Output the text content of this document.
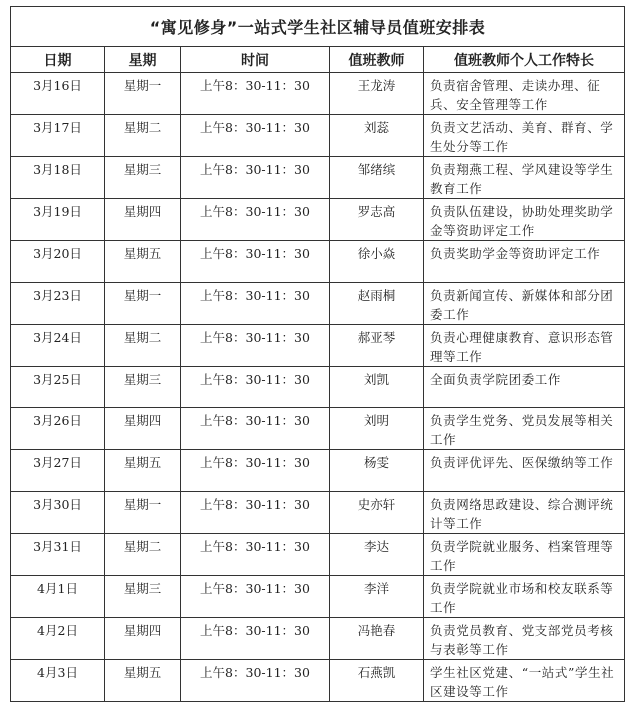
“寓见修身”一站式学生社区辅导员值班安排表				
日期	星期	时间	值班教师	值班教师个人工作特长
3月16日	星期一	上午8：30-11：30	王龙涛	负责宿舍管理、走读办理、征兵、安全管理等工作
3月17日	星期二	上午8：30-11：30	刘蕊	负责文艺活动、美育、群育、学生处分等工作
3月18日	星期三	上午8：30-11：30	邹绪缤	负责翔燕工程、学风建设等学生教育工作
3月19日	星期四	上午8：30-11：30	罗志高	负责队伍建设，协助处理奖助学金等资助评定工作
3月20日	星期五	上午8：30-11：30	徐小焱	负责奖助学金等资助评定工作
3月23日	星期一	上午8：30-11：30	赵雨桐	负责新闻宣传、新媒体和部分团委工作
3月24日	星期二	上午8：30-11：30	郝亚琴	负责心理健康教育、意识形态管理等工作
3月25日	星期三	上午8：30-11：30	刘凯	全面负责学院团委工作
3月26日	星期四	上午8：30-11：30	刘明	负责学生党务、党员发展等相关工作
3月27日	星期五	上午8：30-11：30	杨雯	负责评优评先、医保缴纳等工作
3月30日	星期一	上午8：30-11：30	史亦轩	负责网络思政建设、综合测评统计等工作
3月31日	星期二	上午8：30-11：30	李达	负责学院就业服务、档案管理等工作
4月1日	星期三	上午8：30-11：30	李洋	负责学院就业市场和校友联系等工作
4月2日	星期四	上午8：30-11：30	冯艳春	负责党员教育、党支部党员考核与表彰等工作
4月3日	星期五	上午8：30-11：30	石燕凯	学生社区党建、“一站式”学生社区建设等工作
